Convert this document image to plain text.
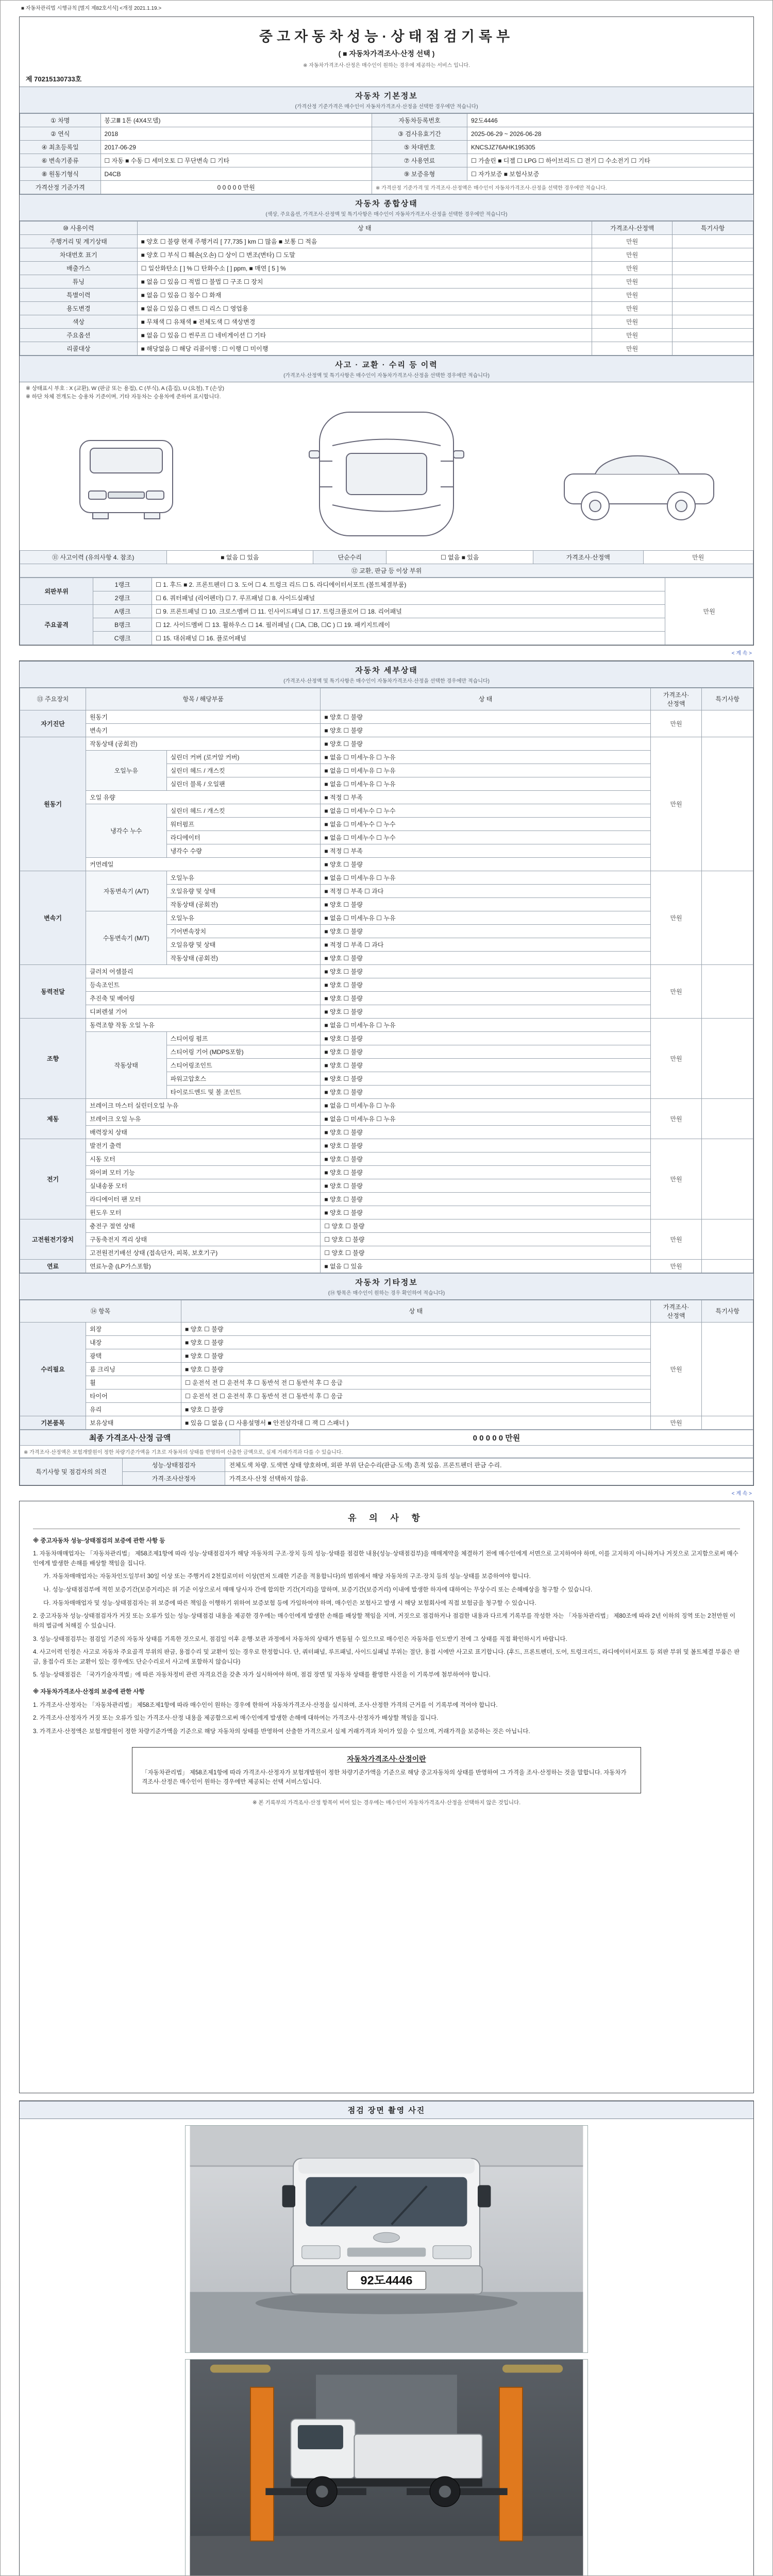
■ 자동차관리법 시행규칙 [별지 제82호서식] <개정 2021.1.19.>
중고자동차성능·상태점검기록부
( ■ 자동차가격조사·산정 선택 )
※ 자동차가격조사·산정은 매수인이 원하는 경우에 제공하는 서비스 입니다.
제 70215130733호
자동차 기본정보
(가격산정 기준가격은 매수인이 자동차가격조사·산정을 선택한 경우에만 적습니다)
① 차명	봉고Ⅲ 1톤 (4X4모델)	자동차등록번호	92도4446
② 연식	2018	③ 검사유효기간	2025-06-29 ~ 2026-06-28
④ 최초등록일	2017-06-29	⑤ 차대번호	KNCSJZ76AHK195305
⑥ 변속기종류	☐ 자동 ■ 수동 ☐ 세미오토 ☐ 무단변속 ☐ 기타	⑦ 사용연료	☐ 가솔린 ■ 디젤 ☐ LPG ☐ 하이브리드 ☐ 전기 ☐ 수소전기 ☐ 기타
⑧ 원동기형식	D4CB	⑨ 보증유형	☐ 자가보증 ■ 보험사보증
가격산정 기준가격	0 0 0 0 0 만원	※ 가격산정 기준가격 및 가격조사·산정액은 매수인이 자동차가격조사·산정을 선택한 경우에만 적습니다.	
자동차 종합상태
(색상, 주요옵션, 가격조사·산정액 및 특기사항은 매수인이 자동차가격조사·산정을 선택한 경우에만 적습니다)
⑩ 사용이력	상 태	가격조사·산정액	특기사항
주행거리 및 계기상태	■ 양호 ☐ 불량 현재 주행거리 [ 77,735 ] km ☐ 많음 ■ 보통 ☐ 적음	만원	
차대번호 표기	■ 양호 ☐ 부식 ☐ 훼손(오손) ☐ 상이 ☐ 변조(변타) ☐ 도말	만원	
배출가스	☐ 일산화탄소 [ ] % ☐ 탄화수소 [ ] ppm, ■ 매연 [ 5 ] %	만원	
튜닝	■ 없음 ☐ 있음 ☐ 적법 ☐ 불법 ☐ 구조 ☐ 장치	만원	
특별이력	■ 없음 ☐ 있음 ☐ 침수 ☐ 화재	만원	
용도변경	■ 없음 ☐ 있음 ☐ 렌트 ☐ 리스 ☐ 영업용	만원	
색상	■ 무채색 ☐ 유채색 ■ 전체도색 ☐ 색상변경	만원	
주요옵션	■ 없음 ☐ 있음 ☐ 썬루프 ☐ 네비게이션 ☐ 기타	만원	
리콜대상	■ 해당없음 ☐ 해당 리콜이행 : ☐ 이행 ☐ 미이행	만원	
사고 · 교환 · 수리 등 이력
(가격조사·산정액 및 특기사항은 매수인이 자동차가격조사·산정을 선택한 경우에만 적습니다)
※ 상태표시 부호 : X (교환), W (판금 또는 용접), C (부식), A (흠집), U (요철), T (손상)
※ 하단 차체 전개도는 승용차 기준이며, 기타 자동차는 승용차에 준하여 표시합니다.
⑪ 사고이력 (유의사항 4. 참조)	■ 없음 ☐ 있음	단순수리	☐ 없음 ■ 있음	가격조사·산정액	만원
⑫ 교환, 판금 등 이상 부위
외판부위	1랭크	☐ 1. 후드 ■ 2. 프론트펜더 ☐ 3. 도어 ☐ 4. 트렁크 리드 ☐ 5. 라디에이터서포트 (볼트체결부품)	만원
	2랭크	☐ 6. 쿼터패널 (리어펜더) ☐ 7. 루프패널 ☐ 8. 사이드실패널	
주요골격	A랭크	☐ 9. 프론트패널 ☐ 10. 크로스멤버 ☐ 11. 인사이드패널 ☐ 17. 트렁크플로어 ☐ 18. 리어패널	
	B랭크	☐ 12. 사이드멤버 ☐ 13. 휠하우스 ☐ 14. 필러패널 ( ☐A, ☐B, ☐C ) ☐ 19. 패키지트레이	
	C랭크	☐ 15. 대쉬패널 ☐ 16. 플로어패널	
< 계 속 >
자동차 세부상태
(가격조사·산정액 및 특기사항은 매수인이 자동차가격조사·산정을 선택한 경우에만 적습니다)
⑬ 주요장치	항목 / 해당부품		상 태	가격조사·산정액	특기사항
자기진단	원동기		■ 양호 ☐ 불량	만원	
	변속기		■ 양호 ☐ 불량		
원동기	작동상태 (공회전)		■ 양호 ☐ 불량	만원	
	오일누유	실린더 커버 (로커암 커버)	■ 없음 ☐ 미세누유 ☐ 누유		
		실린더 헤드 / 개스킷	■ 없음 ☐ 미세누유 ☐ 누유		
		실린더 블록 / 오일팬	■ 없음 ☐ 미세누유 ☐ 누유		
	오일 유량		■ 적정 ☐ 부족		
	냉각수 누수	실린더 헤드 / 개스킷	■ 없음 ☐ 미세누수 ☐ 누수		
		워터펌프	■ 없음 ☐ 미세누수 ☐ 누수		
		라디에이터	■ 없음 ☐ 미세누수 ☐ 누수		
		냉각수 수량	■ 적정 ☐ 부족		
	커먼레일		■ 양호 ☐ 불량		
변속기	자동변속기 (A/T)	오일누유	■ 없음 ☐ 미세누유 ☐ 누유	만원	
		오일유량 및 상태	■ 적정 ☐ 부족 ☐ 과다		
		작동상태 (공회전)	■ 양호 ☐ 불량		
	수동변속기 (M/T)	오일누유	■ 없음 ☐ 미세누유 ☐ 누유		
		기어변속장치	■ 양호 ☐ 불량		
		오일유량 및 상태	■ 적정 ☐ 부족 ☐ 과다		
		작동상태 (공회전)	■ 양호 ☐ 불량		
동력전달	클러치 어셈블리		■ 양호 ☐ 불량	만원	
	등속조인트		■ 양호 ☐ 불량		
	추진축 및 베어링		■ 양호 ☐ 불량		
	디퍼렌셜 기어		■ 양호 ☐ 불량		
조향	동력조향 작동 오일 누유		■ 없음 ☐ 미세누유 ☐ 누유	만원	
	작동상태	스티어링 펌프	■ 양호 ☐ 불량		
		스티어링 기어 (MDPS포함)	■ 양호 ☐ 불량		
		스티어링조인트	■ 양호 ☐ 불량		
		파워고압호스	■ 양호 ☐ 불량		
		타이로드엔드 및 볼 조인트	■ 양호 ☐ 불량		
제동	브레이크 마스터 실린더오일 누유		■ 없음 ☐ 미세누유 ☐ 누유	만원	
	브레이크 오일 누유		■ 없음 ☐ 미세누유 ☐ 누유		
	배력장치 상태		■ 양호 ☐ 불량		
전기	발전기 출력		■ 양호 ☐ 불량	만원	
	시동 모터		■ 양호 ☐ 불량		
	와이퍼 모터 기능		■ 양호 ☐ 불량		
	실내송풍 모터		■ 양호 ☐ 불량		
	라디에이터 팬 모터		■ 양호 ☐ 불량		
	윈도우 모터		■ 양호 ☐ 불량		
고전원전기장치	충전구 절연 상태		☐ 양호 ☐ 불량	만원	
	구동축전지 격리 상태		☐ 양호 ☐ 불량		
	고전원전기배선 상태 (접속단자, 피복, 보호기구)		☐ 양호 ☐ 불량		
연료	연료누출 (LP가스포함)		■ 없음 ☐ 있음	만원	
자동차 기타정보
(⑭ 항목은 매수인이 원하는 경우 확인하여 적습니다)
⑭ 항목		상 태	가격조사·산정액	특기사항
수리필요	외장	■ 양호 ☐ 불량	만원	
	내장	■ 양호 ☐ 불량		
	광택	■ 양호 ☐ 불량		
	룸 크리닝	■ 양호 ☐ 불량		
	휠	☐ 운전석 전 ☐ 운전석 후 ☐ 동반석 전 ☐ 동반석 후 ☐ 응급		
	타이어	☐ 운전석 전 ☐ 운전석 후 ☐ 동반석 전 ☐ 동반석 후 ☐ 응급		
	유리	■ 양호 ☐ 불량		
기본품목	보유상태	■ 있음 ☐ 없음 ( ☐ 사용설명서 ■ 안전삼각대 ☐ 잭 ☐ 스패너 )	만원	
최종 가격조사·산정 금액	0 0 0 0 0 만원
※ 가격조사·산정액은 보험개발원이 정한 차량기준가액을 기초로 자동차의 상태를 반영하여 산출한 금액으로, 실제 거래가격과 다를 수 있습니다.
특기사항 및 점검자의 의견	성능·상태점검자	전체도색 차량. 도색면 상태 양호하며, 외판 부위 단순수리(판금·도색) 흔적 있음. 프론트펜더 판금 수리.
	가격·조사산정자	가격조사·산정 선택하지 않음.
< 계 속 >
유 의 사 항
※ 중고자동차 성능·상태점검의 보증에 관한 사항 등
1. 자동차매매업자는 「자동차관리법」 제58조제1항에 따라 성능·상태점검자가 해당 자동차의 구조·장치 등의 성능·상태를 점검한 내용(성능·상태점검부)을 매매계약을 체결하기 전에 매수인에게 서면으로 고지하여야 하며, 이를 고지하지 아니하거나 거짓으로 고지함으로써 매수인에게 발생한 손해를 배상할 책임을 집니다.
가. 자동차매매업자는 자동차인도일부터 30일 이상 또는 주행거리 2천킬로미터 이상(먼저 도래한 기준을 적용합니다)의 범위에서 해당 자동차의 구조·장치 등의 성능·상태를 보증하여야 합니다.
나. 성능·상태점검부에 적힌 보증기간(보증거리)은 위 기준 이상으로서 매매 당사자 간에 합의한 기간(거리)을 말하며, 보증기간(보증거리) 이내에 발생한 하자에 대하여는 무상수리 또는 손해배상을 청구할 수 있습니다.
다. 자동차매매업자 및 성능·상태점검자는 위 보증에 따른 책임을 이행하기 위하여 보증보험 등에 가입하여야 하며, 매수인은 보험사고 발생 시 해당 보험회사에 직접 보험금을 청구할 수 있습니다.
2. 중고자동차 성능·상태점검자가 거짓 또는 오류가 있는 성능·상태점검 내용을 제공한 경우에는 매수인에게 발생한 손해를 배상할 책임을 지며, 거짓으로 점검하거나 점검한 내용과 다르게 기록부를 작성한 자는 「자동차관리법」 제80조에 따라 2년 이하의 징역 또는 2천만원 이하의 벌금에 처해질 수 있습니다.
3. 성능·상태점검부는 점검일 기준의 자동차 상태를 기록한 것으로서, 점검일 이후 운행·보관 과정에서 자동차의 상태가 변동될 수 있으므로 매수인은 자동차를 인도받기 전에 그 상태를 직접 확인하시기 바랍니다.
4. 사고이력 인정은 사고로 자동차 주요골격 부위의 판금, 용접수리 및 교환이 있는 경우로 한정합니다. 단, 쿼터패널, 루프패널, 사이드실패널 부위는 절단, 용접 시에만 사고로 표기합니다. (후드, 프론트펜더, 도어, 트렁크리드, 라디에이터서포트 등 외판 부위 및 볼트체결 부품은 판금, 용접수리 또는 교환이 있는 경우에도 단순수리로서 사고에 포함하지 않습니다)
5. 성능·상태점검은 「국가기술자격법」에 따른 자동차정비 관련 자격요건을 갖춘 자가 실시하여야 하며, 점검 장면 및 자동차 상태를 촬영한 사진을 이 기록부에 첨부하여야 합니다.
※ 자동차가격조사·산정의 보증에 관한 사항
1. 가격조사·산정자는 「자동차관리법」 제58조제1항에 따라 매수인이 원하는 경우에 한하여 자동차가격조사·산정을 실시하며, 조사·산정한 가격의 근거를 이 기록부에 적어야 합니다.
2. 가격조사·산정자가 거짓 또는 오류가 있는 가격조사·산정 내용을 제공함으로써 매수인에게 발생한 손해에 대하여는 가격조사·산정자가 배상할 책임을 집니다.
3. 가격조사·산정액은 보험개발원이 정한 차량기준가액을 기준으로 해당 자동차의 상태를 반영하여 산출한 가격으로서 실제 거래가격과 차이가 있을 수 있으며, 거래가격을 보증하는 것은 아닙니다.
자동차가격조사·산정이란
「자동차관리법」 제58조제1항에 따라 가격조사·산정자가 보험개발원이 정한 차량기준가액을 기준으로 해당 중고자동차의 상태를 반영하여 그 가격을 조사·산정하는 것을 말합니다. 자동차가격조사·산정은 매수인이 원하는 경우에만 제공되는 선택 서비스입니다.
※ 본 기록부의 가격조사·산정 항목이 비어 있는 경우에는 매수인이 자동차가격조사·산정을 선택하지 않은 것입니다.
점검 장면 촬영 사진
92도4446
